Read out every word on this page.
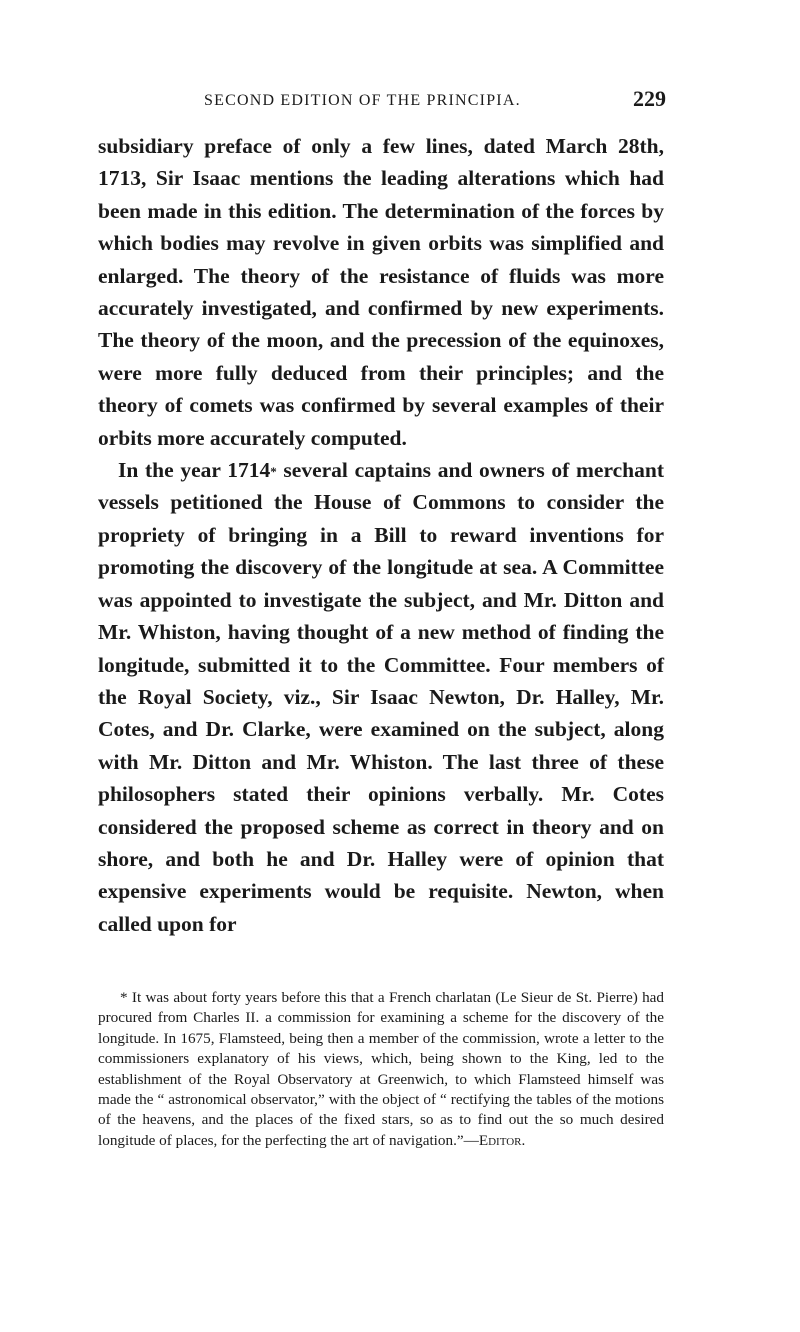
SECOND EDITION OF THE PRINCIPIA.	229

subsidiary preface of only a few lines, dated March 28th, 1713, Sir Isaac mentions the leading alterations which had been made in this edition. The determination of the forces by which bodies may revolve in given orbits was simplified and enlarged. The theory of the resistance of fluids was more accurately investigated, and confirmed by new experiments. The theory of the moon, and the precession of the equinoxes, were more fully deduced from their principles; and the theory of comets was confirmed by several examples of their orbits more accurately computed.

In the year 1714* several captains and owners of merchant vessels petitioned the House of Commons to consider the propriety of bringing in a Bill to reward inventions for promoting the discovery of the longitude at sea. A Committee was appointed to investigate the subject, and Mr. Ditton and Mr. Whiston, having thought of a new method of finding the longitude, submitted it to the Committee. Four members of the Royal Society, viz., Sir Isaac Newton, Dr. Halley, Mr. Cotes, and Dr. Clarke, were examined on the subject, along with Mr. Ditton and Mr. Whiston. The last three of these philosophers stated their opinions verbally. Mr. Cotes considered the proposed scheme as correct in theory and on shore, and both he and Dr. Halley were of opinion that expensive experiments would be requisite. Newton, when called upon for

* It was about forty years before this that a French charlatan (Le Sieur de St. Pierre) had procured from Charles II. a commission for examining a scheme for the discovery of the longitude. In 1675, Flamsteed, being then a member of the commission, wrote a letter to the commissioners explanatory of his views, which, being shown to the King, led to the establishment of the Royal Observatory at Greenwich, to which Flamsteed himself was made the “ astronomical observator,” with the object of “ rectifying the tables of the motions of the heavens, and the places of the fixed stars, so as to find out the so much desired longitude of places, for the perfecting the art of navigation.”—Editor.
